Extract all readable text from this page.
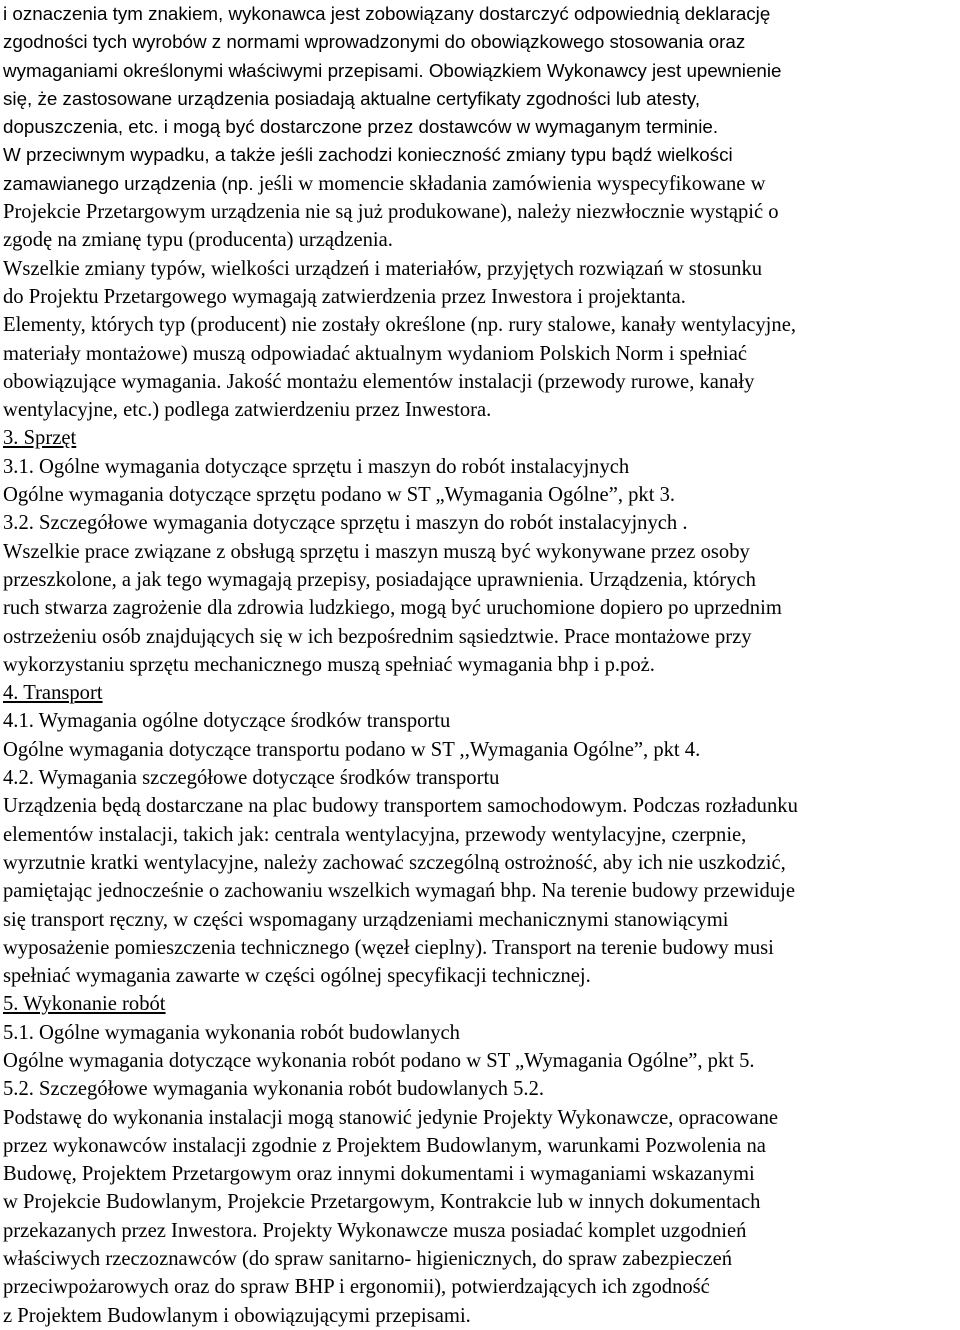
i oznaczenia tym znakiem, wykonawca jest zobowiązany dostarczyć odpowiednią deklarację
zgodności tych wyrobów z normami wprowadzonymi do obowiązkowego stosowania oraz
wymaganiami określonymi właściwymi przepisami. Obowiązkiem Wykonawcy jest upewnienie
się, że zastosowane urządzenia posiadają aktualne certyfikaty zgodności lub atesty,
dopuszczenia, etc. i mogą być dostarczone przez dostawców w wymaganym terminie.
W przeciwnym wypadku, a także jeśli zachodzi konieczność zmiany typu bądź wielkości
zamawianego urządzenia (np. jeśli w momencie składania zamówienia wyspecyfikowane w
Projekcie Przetargowym urządzenia nie są już produkowane), należy niezwłocznie wystąpić o
zgodę na zmianę typu (producenta) urządzenia.
Wszelkie zmiany typów, wielkości urządzeń i materiałów, przyjętych rozwiązań w stosunku
do Projektu Przetargowego wymagają zatwierdzenia przez Inwestora i projektanta.
Elementy, których typ (producent) nie zostały określone (np. rury stalowe, kanały wentylacyjne,
materiały montażowe) muszą odpowiadać aktualnym wydaniom Polskich Norm i spełniać
obowiązujące wymagania. Jakość montażu elementów instalacji (przewody rurowe, kanały
wentylacyjne, etc.) podlega zatwierdzeniu przez Inwestora.
3. Sprzęt
3.1. Ogólne wymagania dotyczące sprzętu i maszyn do robót instalacyjnych
Ogólne wymagania dotyczące sprzętu podano w ST „Wymagania Ogólne”, pkt 3.
3.2. Szczegółowe wymagania dotyczące sprzętu i maszyn do robót instalacyjnych .
Wszelkie prace związane z obsługą sprzętu i maszyn muszą być wykonywane przez osoby
przeszkolone, a jak tego wymagają przepisy, posiadające uprawnienia. Urządzenia, których
ruch stwarza zagrożenie dla zdrowia ludzkiego, mogą być uruchomione dopiero po uprzednim
ostrzeżeniu osób znajdujących się w ich bezpośrednim sąsiedztwie. Prace montażowe przy
wykorzystaniu sprzętu mechanicznego muszą spełniać wymagania bhp i p.poż.
4. Transport
4.1. Wymagania ogólne dotyczące środków transportu
Ogólne wymagania dotyczące transportu podano w ST ,,Wymagania Ogólne”, pkt 4.
4.2. Wymagania szczegółowe dotyczące środków transportu
Urządzenia będą dostarczane na plac budowy transportem samochodowym. Podczas rozładunku
elementów instalacji, takich jak: centrala wentylacyjna, przewody wentylacyjne, czerpnie,
wyrzutnie kratki wentylacyjne, należy zachować szczególną ostrożność, aby ich nie uszkodzić,
pamiętając jednocześnie o zachowaniu wszelkich wymagań bhp. Na terenie budowy przewiduje
się transport ręczny, w części wspomagany urządzeniami mechanicznymi stanowiącymi
wyposażenie pomieszczenia technicznego (węzeł cieplny). Transport na terenie budowy musi
spełniać wymagania zawarte w części ogólnej specyfikacji technicznej.
5. Wykonanie robót
5.1. Ogólne wymagania wykonania robót budowlanych
Ogólne wymagania dotyczące wykonania robót podano w ST „Wymagania Ogólne”, pkt 5.
5.2. Szczegółowe wymagania wykonania robót budowlanych 5.2.
Podstawę do wykonania instalacji mogą stanowić jedynie Projekty Wykonawcze, opracowane
przez wykonawców instalacji zgodnie z Projektem Budowlanym, warunkami Pozwolenia na
Budowę, Projektem Przetargowym oraz innymi dokumentami i wymaganiami wskazanymi
w Projekcie Budowlanym, Projekcie Przetargowym, Kontrakcie lub w innych dokumentach
przekazanych przez Inwestora. Projekty Wykonawcze musza posiadać komplet uzgodnień
właściwych rzeczoznawców (do spraw sanitarno- higienicznych, do spraw zabezpieczeń
przeciwpożarowych oraz do spraw BHP i ergonomii), potwierdzających ich zgodność
z Projektem Budowlanym i obowiązującymi przepisami.
